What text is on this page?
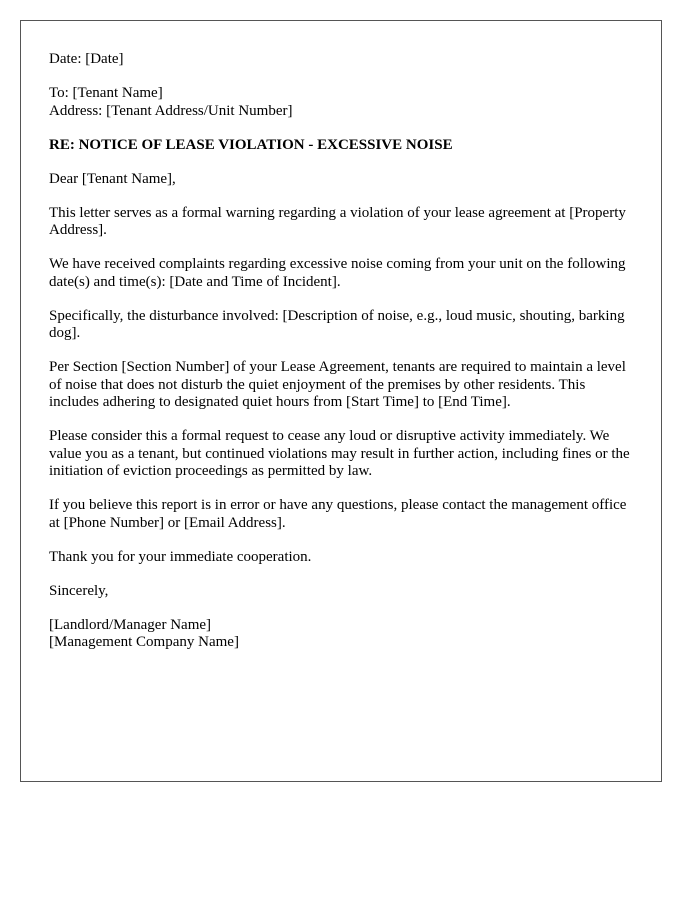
Date: [Date]

To: [Tenant Name]
Address: [Tenant Address/Unit Number]

RE: NOTICE OF LEASE VIOLATION - EXCESSIVE NOISE

Dear [Tenant Name],

This letter serves as a formal warning regarding a violation of your lease agreement at [Property Address].

We have received complaints regarding excessive noise coming from your unit on the following date(s) and time(s): [Date and Time of Incident].

Specifically, the disturbance involved: [Description of noise, e.g., loud music, shouting, barking dog].

Per Section [Section Number] of your Lease Agreement, tenants are required to maintain a level of noise that does not disturb the quiet enjoyment of the premises by other residents. This includes adhering to designated quiet hours from [Start Time] to [End Time].

Please consider this a formal request to cease any loud or disruptive activity immediately. We value you as a tenant, but continued violations may result in further action, including fines or the initiation of eviction proceedings as permitted by law.

If you believe this report is in error or have any questions, please contact the management office at [Phone Number] or [Email Address].

Thank you for your immediate cooperation.

Sincerely,

[Landlord/Manager Name]
[Management Company Name]
